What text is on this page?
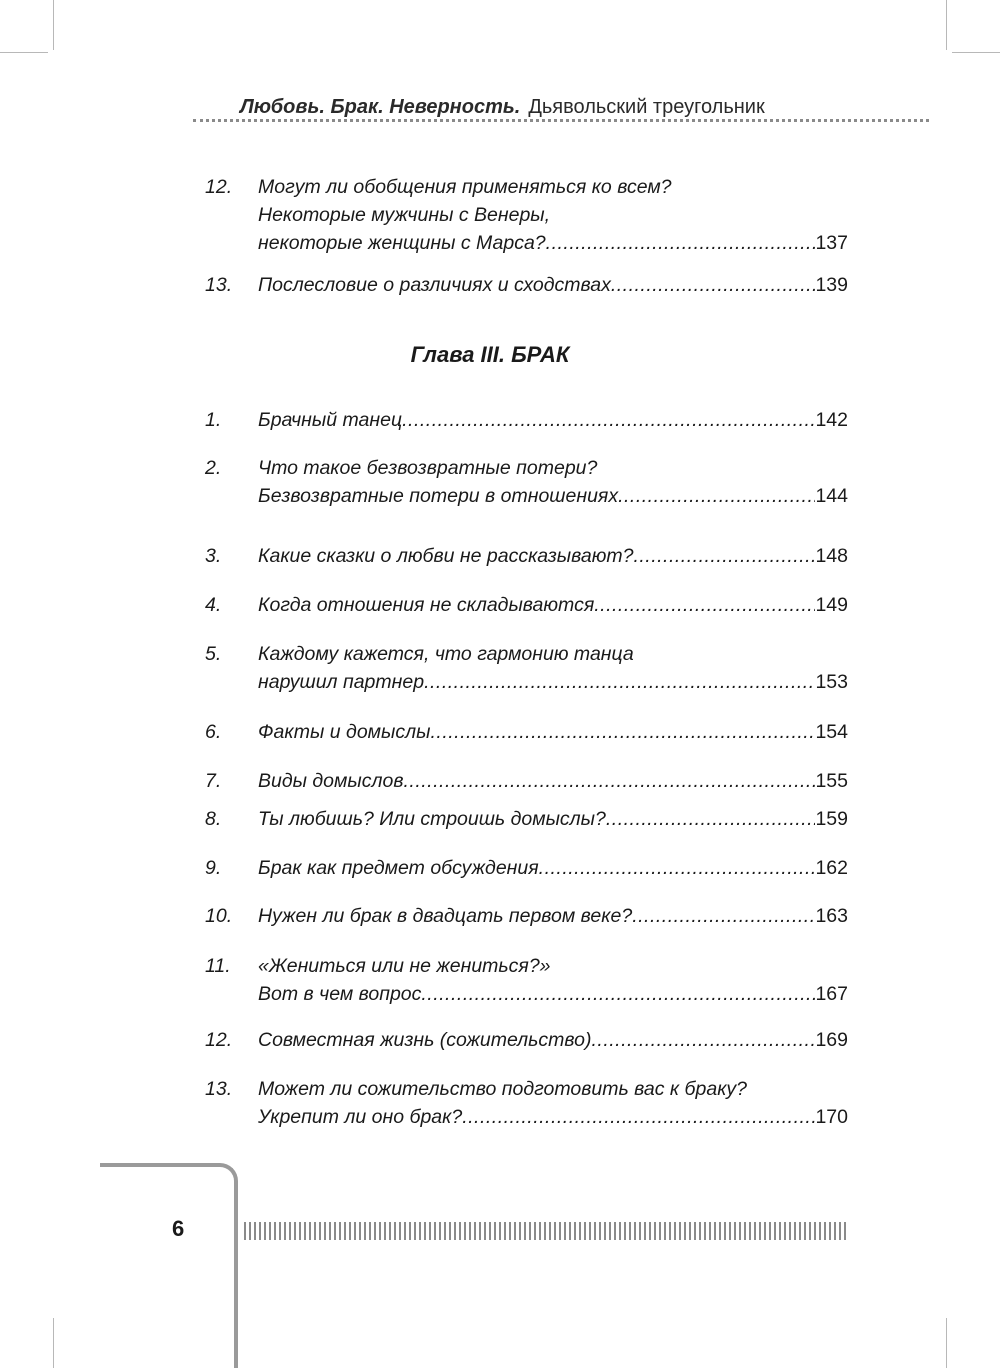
Любовь. Брак. Неверность. Дьявольский треугольник
12.	Могут ли обобщения применяться ко всем?
Некоторые мужчины с Венеры,
некоторые женщины с Марса? .....	137
13.	Послесловие о различиях и сходствах .....	139
Глава III. БРАК
1.	Брачный танец .....	142
2.	Что такое безвозвратные потери?
Безвозвратные потери в отношениях .....	144
3.	Какие сказки о любви не рассказывают? .....	148
4.	Когда отношения не складываются .....	149
5.	Каждому кажется, что гармонию танца
нарушил партнер .....	153
6.	Факты и домыслы .....	154
7.	Виды домыслов .....	155
8.	Ты любишь? Или строишь домыслы? .....	159
9.	Брак как предмет обсуждения .....	162
10.	Нужен ли брак в двадцать первом веке? .....	163
11.	«Жениться или не жениться?»
Вот в чем вопрос .....	167
12.	Совместная жизнь (сожительство) .....	169
13.	Может ли сожительство подготовить вас к браку?
Укрепит ли оно брак? .....	170
6
